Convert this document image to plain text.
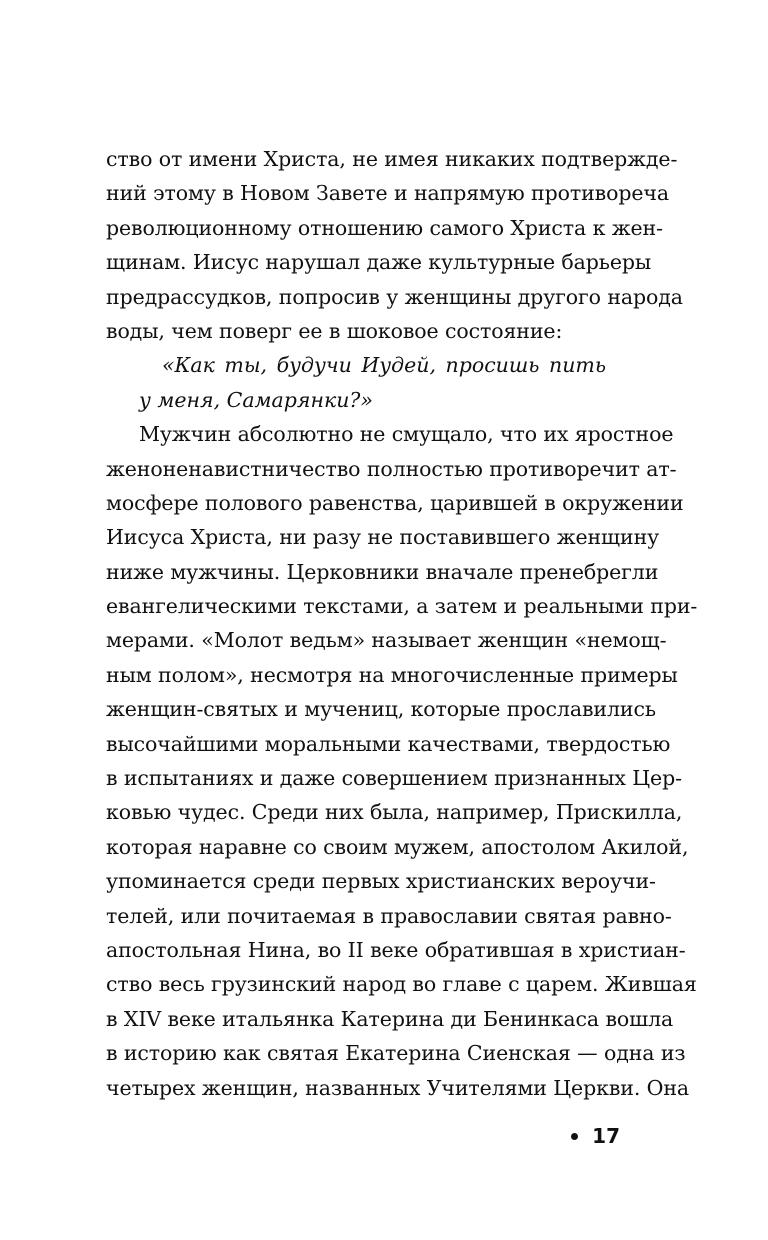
ство от имени Христа, не имея никаких подтвержде-
ний этому в Новом Завете и напрямую противореча
революционному отношению самого Христа к жен-
щинам. Иисус нарушал даже культурные барьеры
предрассудков, попросив у женщины другого народа
воды, чем поверг ее в шоковое состояние:
«Как ты, будучи Иудей, просишь пить
у меня, Самарянки?»
Мужчин абсолютно не смущало, что их яростное
женоненавистничество полностью противоречит ат-
мосфере полового равенства, царившей в окружении
Иисуса Христа, ни разу не поставившего женщину
ниже мужчины. Церковники вначале пренебрегли
евангелическими текстами, а затем и реальными при-
мерами. «Молот ведьм» называет женщин «немощ-
ным полом», несмотря на многочисленные примеры
женщин-святых и мучениц, которые прославились
высочайшими моральными качествами, твердостью
в испытаниях и даже совершением признанных Цер-
ковью чудес. Среди них была, например, Прискилла,
которая наравне со своим мужем, апостолом Акилой,
упоминается среди первых христианских вероучи-
телей, или почитаемая в православии святая равно-
апостольная Нина, во II веке обратившая в христиан-
ство весь грузинский народ во главе с царем. Жившая
в XIV веке итальянка Катерина ди Бенинкаса вошла
в историю как святая Екатерина Сиенская — одна из
четырех женщин, названных Учителями Церкви. Она
17
